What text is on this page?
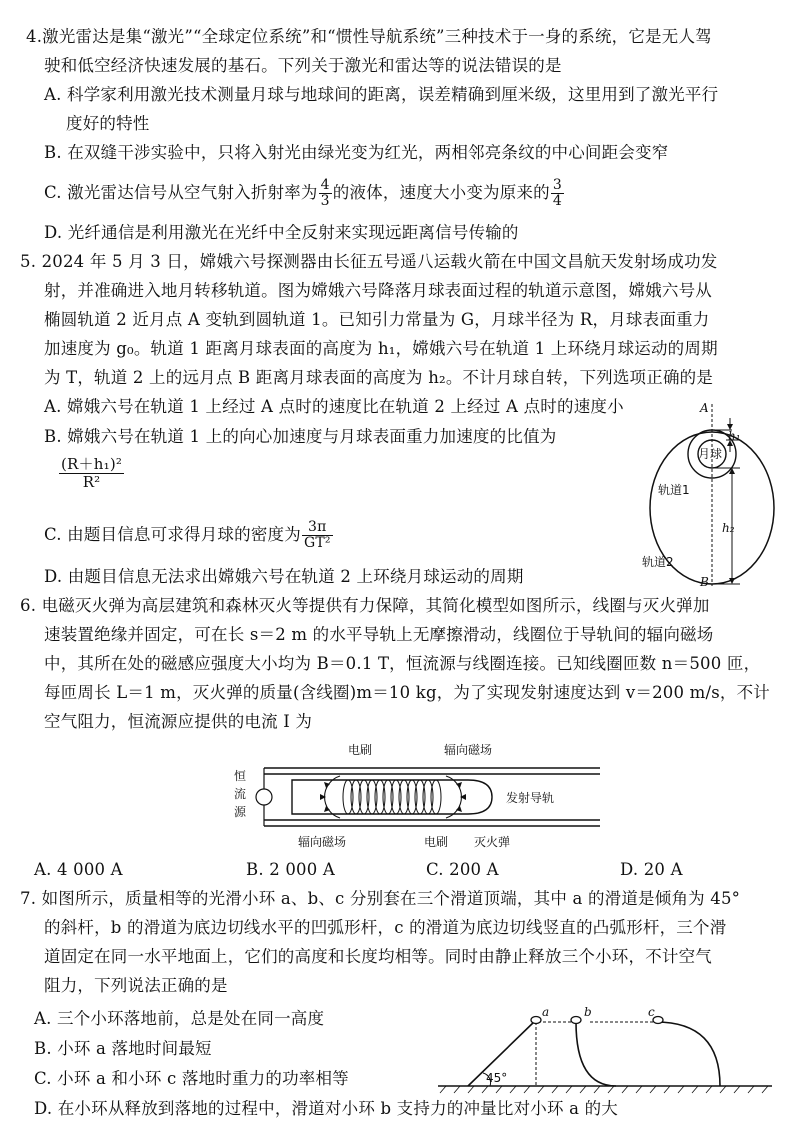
4.激光雷达是集“激光”“全球定位系统”和“惯性导航系统”三种技术于一身的系统，它是无人驾
驶和低空经济快速发展的基石。下列关于激光和雷达等的说法错误的是
A. 科学家利用激光技术测量月球与地球间的距离，误差精确到厘米级，这里用到了激光平行
度好的特性
B. 在双缝干涉实验中，只将入射光由绿光变为红光，两相邻亮条纹的中心间距会变窄
C. 激光雷达信号从空气射入折射率为 $\frac{4}{3}$ 的液体，速度大小变为原来的 $\frac{3}{4}$
D. 光纤通信是利用激光在光纤中全反射来实现远距离信号传输的
5. 2024 年 5 月 3 日，嫦娥六号探测器由长征五号遥八运载火箭在中国文昌航天发射场成功发
射，并准确进入地月转移轨道。图为嫦娥六号降落月球表面过程的轨道示意图，嫦娥六号从
椭圆轨道 2 近月点 A 变轨到圆轨道 1。已知引力常量为 G，月球半径为 R，月球表面重力
加速度为 g₀。轨道 1 距离月球表面的高度为 h₁，嫦娥六号在轨道 1 上环绕月球运动的周期
为 T，轨道 2 上的远月点 B 距离月球表面的高度为 h₂。不计月球自转，下列选项正确的是
A. 嫦娥六号在轨道 1 上经过 A 点时的速度比在轨道 2 上经过 A 点时的速度小
B. 嫦娥六号在轨道 1 上的向心加速度与月球表面重力加速度的比值为
$\frac{\text{(R＋h₁)²}}{\text{R²}}$
C. 由题目信息可求得月球的密度为 $\frac{3\pi}{\text{GT²}}$
D. 由题目信息无法求出嫦娥六号在轨道 2 上环绕月球运动的周期
A
B
h₁
h₂
月球
轨道1
轨道2
6. 电磁灭火弹为高层建筑和森林灭火等提供有力保障，其简化模型如图所示，线圈与灭火弹加
速装置绝缘并固定，可在长 s＝2 m 的水平导轨上无摩擦滑动，线圈位于导轨间的辐向磁场
中，其所在处的磁感应强度大小均为 B＝0.1 T，恒流源与线圈连接。已知线圈匝数 n＝500 匝，
每匝周长 L＝1 m，灭火弹的质量(含线圈)m＝10 kg，为了实现发射速度达到 v＝200 m/s，不计
空气阻力，恒流源应提供的电流 I 为
电刷	辐向磁场
恒
流
源
发射导轨
辐向磁场	电刷 灭火弹
A. 4 000 A	B. 2 000 A	C. 200 A	D. 20 A
7. 如图所示，质量相等的光滑小环 a、b、c 分别套在三个滑道顶端，其中 a 的滑道是倾角为 45°
的斜杆，b 的滑道为底边切线水平的凹弧形杆，c 的滑道为底边切线竖直的凸弧形杆，三个滑
道固定在同一水平地面上，它们的高度和长度均相等。同时由静止释放三个小环，不计空气
阻力，下列说法正确的是
A. 三个小环落地前，总是处在同一高度
B. 小环 a 落地时间最短
C. 小环 a 和小环 c 落地时重力的功率相等
D. 在小环从释放到落地的过程中，滑道对小环 b 支持力的冲量比对小环 a 的大
45°
a	b	c
